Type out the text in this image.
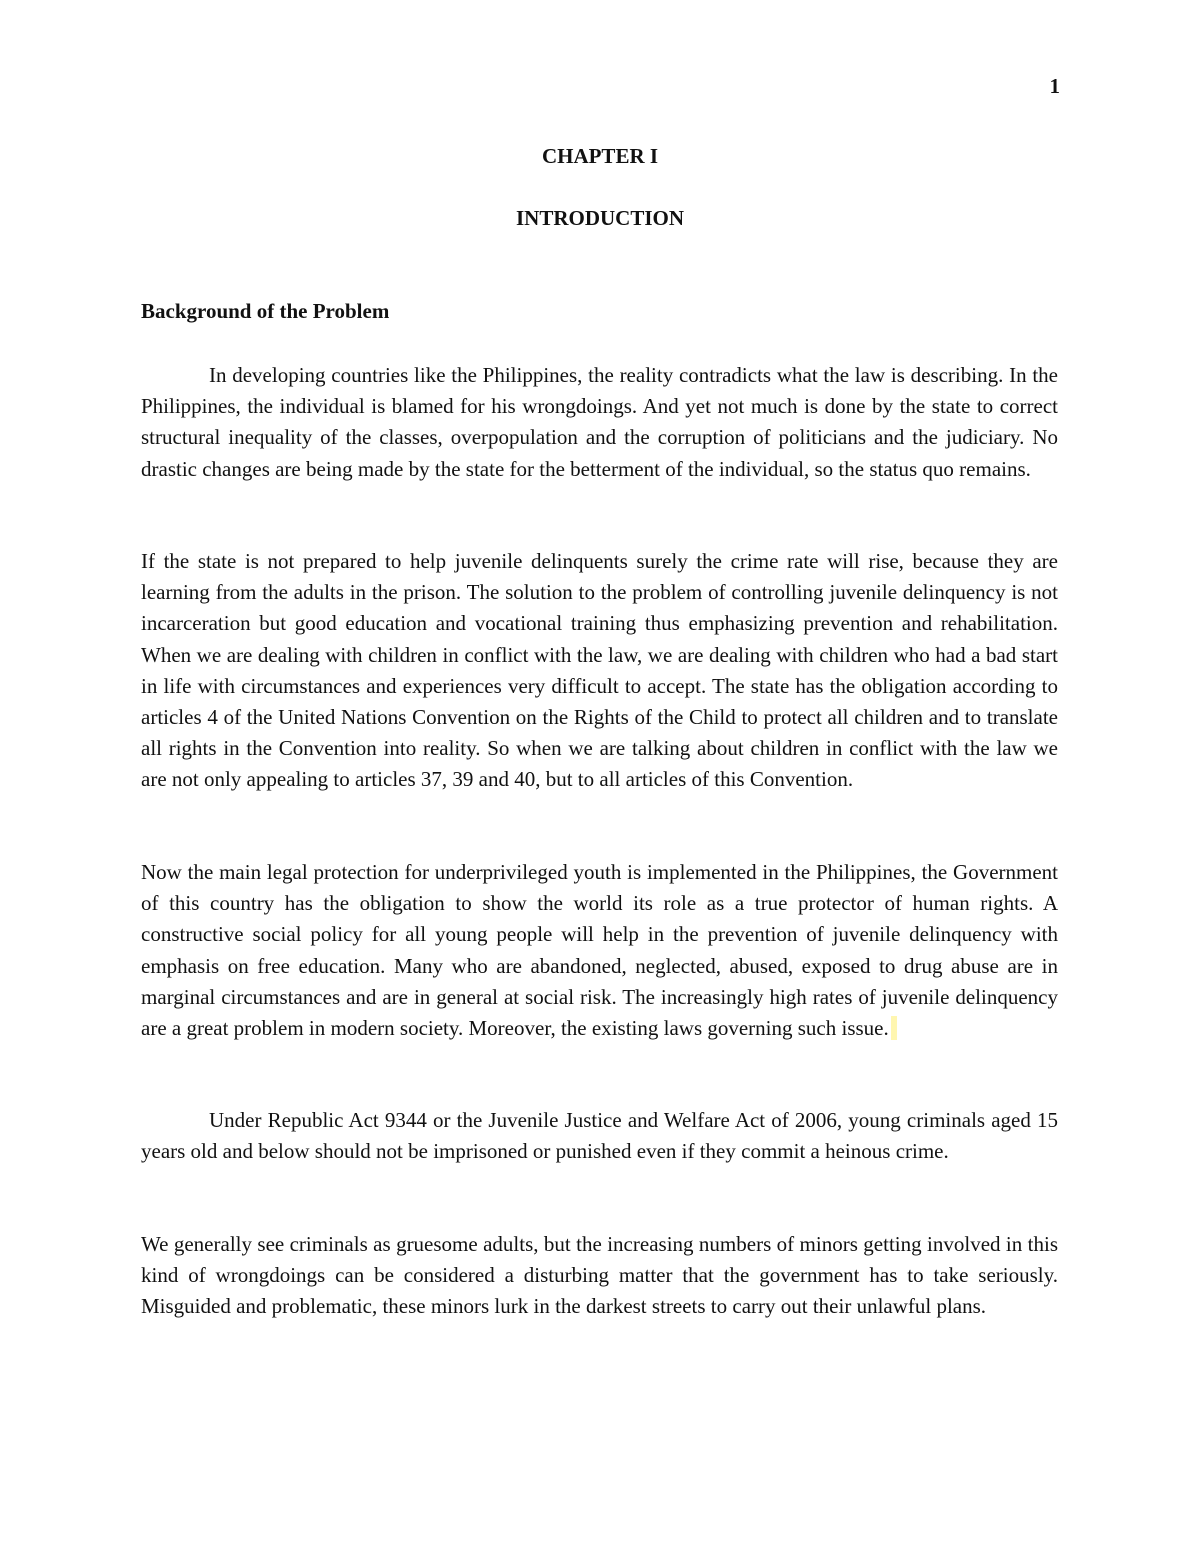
1
CHAPTER I
INTRODUCTION
Background of the Problem

In developing countries like the Philippines, the reality contradicts what the law is describing. In the Philippines, the individual is blamed for his wrongdoings. And yet not much is done by the state to correct structural inequality of the classes, overpopulation and the corruption of politicians and the judiciary. No drastic changes are being made by the state for the betterment of the individual, so the status quo remains.

If the state is not prepared to help juvenile delinquents surely the crime rate will rise, because they are learning from the adults in the prison. The solution to the problem of controlling juvenile delinquency is not incarceration but good education and vocational training thus emphasizing prevention and rehabilitation. When we are dealing with children in conflict with the law, we are dealing with children who had a bad start in life with circumstances and experiences very difficult to accept. The state has the obligation according to articles 4 of the United Nations Convention on the Rights of the Child to protect all children and to translate all rights in the Convention into reality. So when we are talking about children in conflict with the law we are not only appealing to articles 37, 39 and 40, but to all articles of this Convention.

Now the main legal protection for underprivileged youth is implemented in the Philippines, the Government of this country has the obligation to show the world its role as a true protector of human rights. A constructive social policy for all young people will help in the prevention of juvenile delinquency with emphasis on free education. Many who are abandoned, neglected, abused, exposed to drug abuse are in marginal circumstances and are in general at social risk. The increasingly high rates of juvenile delinquency are a great problem in modern society. Moreover, the existing laws governing such issue.

Under Republic Act 9344 or the Juvenile Justice and Welfare Act of 2006, young criminals aged 15 years old and below should not be imprisoned or punished even if they commit a heinous crime.

We generally see criminals as gruesome adults, but the increasing numbers of minors getting involved in this kind of wrongdoings can be considered a disturbing matter that the government has to take seriously. Misguided and problematic, these minors lurk in the darkest streets to carry out their unlawful plans.
